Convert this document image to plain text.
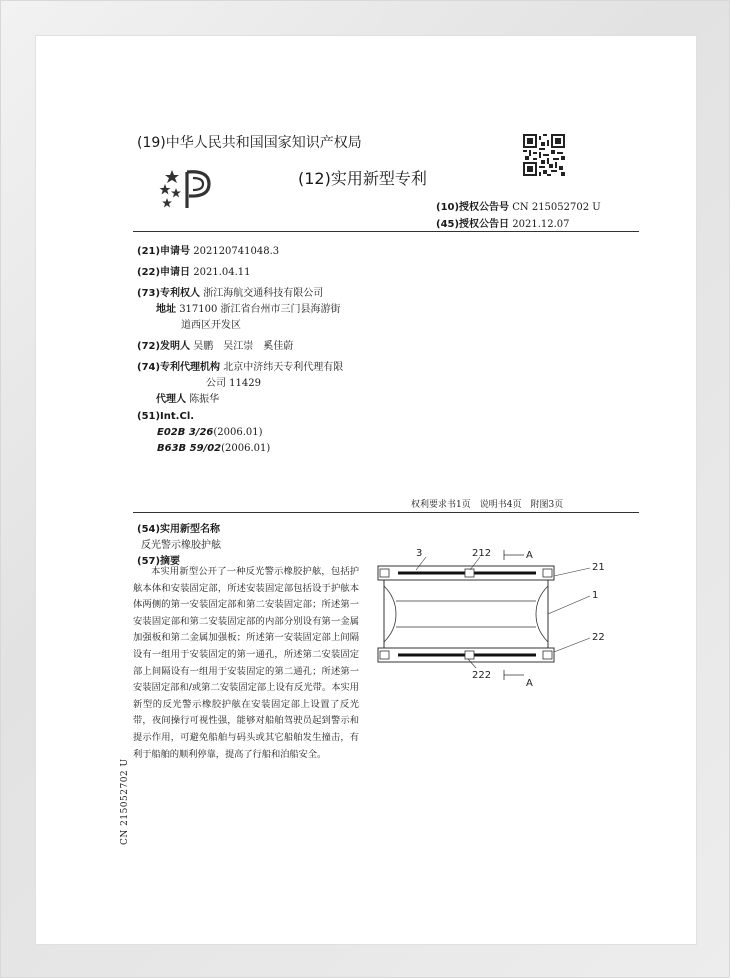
(19)中华人民共和国国家知识产权局
(12)实用新型专利
(10)授权公告号 CN 215052702 U
(45)授权公告日 2021.12.07
(21)申请号 202120741048.3
(22)申请日 2021.04.11
(73)专利权人 浙江海航交通科技有限公司
地址 317100 浙江省台州市三门县海游街
道西区开发区
(72)发明人 吴鹏　吴江崇　奚佳蔚
(74)专利代理机构 北京中济纬天专利代理有限
公司 11429
代理人 陈振华
(51)Int.Cl.
E02B 3/26(2006.01)
B63B 59/02(2006.01)
权利要求书1页　说明书4页　附图3页
(54)实用新型名称
反光警示橡胶护舷
(57)摘要
本实用新型公开了一种反光警示橡胶护舷，包括护舷本体和安装固定部，所述安装固定部包括设于护舷本体两侧的第一安装固定部和第二安装固定部；所述第一安装固定部和第二安装固定部的内部分别设有第一金属加强板和第二金属加强板；所述第一安装固定部上间隔设有一组用于安装固定的第一通孔，所述第二安装固定部上间隔设有一组用于安装固定的第二通孔；所述第一安装固定部和/或第二安装固定部上设有反光带。本实用新型的反光警示橡胶护舷在安装固定部上设置了反光带，夜间操行可视性强，能够对船舶驾驶员起到警示和提示作用，可避免船舶与码头或其它船舶发生撞击，有利于船舶的顺利停靠，提高了行船和泊船安全。
3	212	A
21
1
22
222
A
CN 215052702 U
